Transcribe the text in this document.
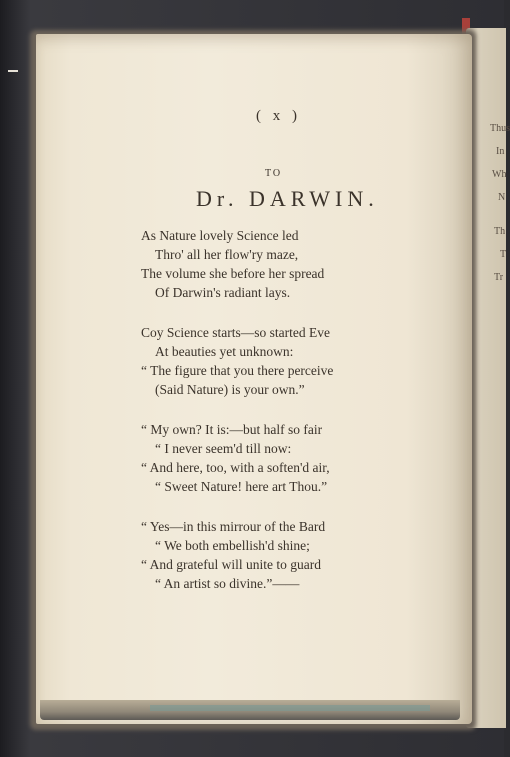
Thus
In
Wh
N
Th
T
Tr
( x )
TO
Dr. DARWIN.
As Nature lovely Science led
Thro' all her flow'ry maze,
The volume she before her spread
Of Darwin's radiant lays.
Coy Science starts—so started Eve
At beauties yet unknown:
“ The figure that you there perceive
(Said Nature) is your own.”
“ My own? It is:—but half so fair
“ I never seem'd till now:
“ And here, too, with a soften'd air,
“ Sweet Nature! here art Thou.”
“ Yes—in this mirrour of the Bard
“ We both embellish'd shine;
“ And grateful will unite to guard
“ An artist so divine.”——
